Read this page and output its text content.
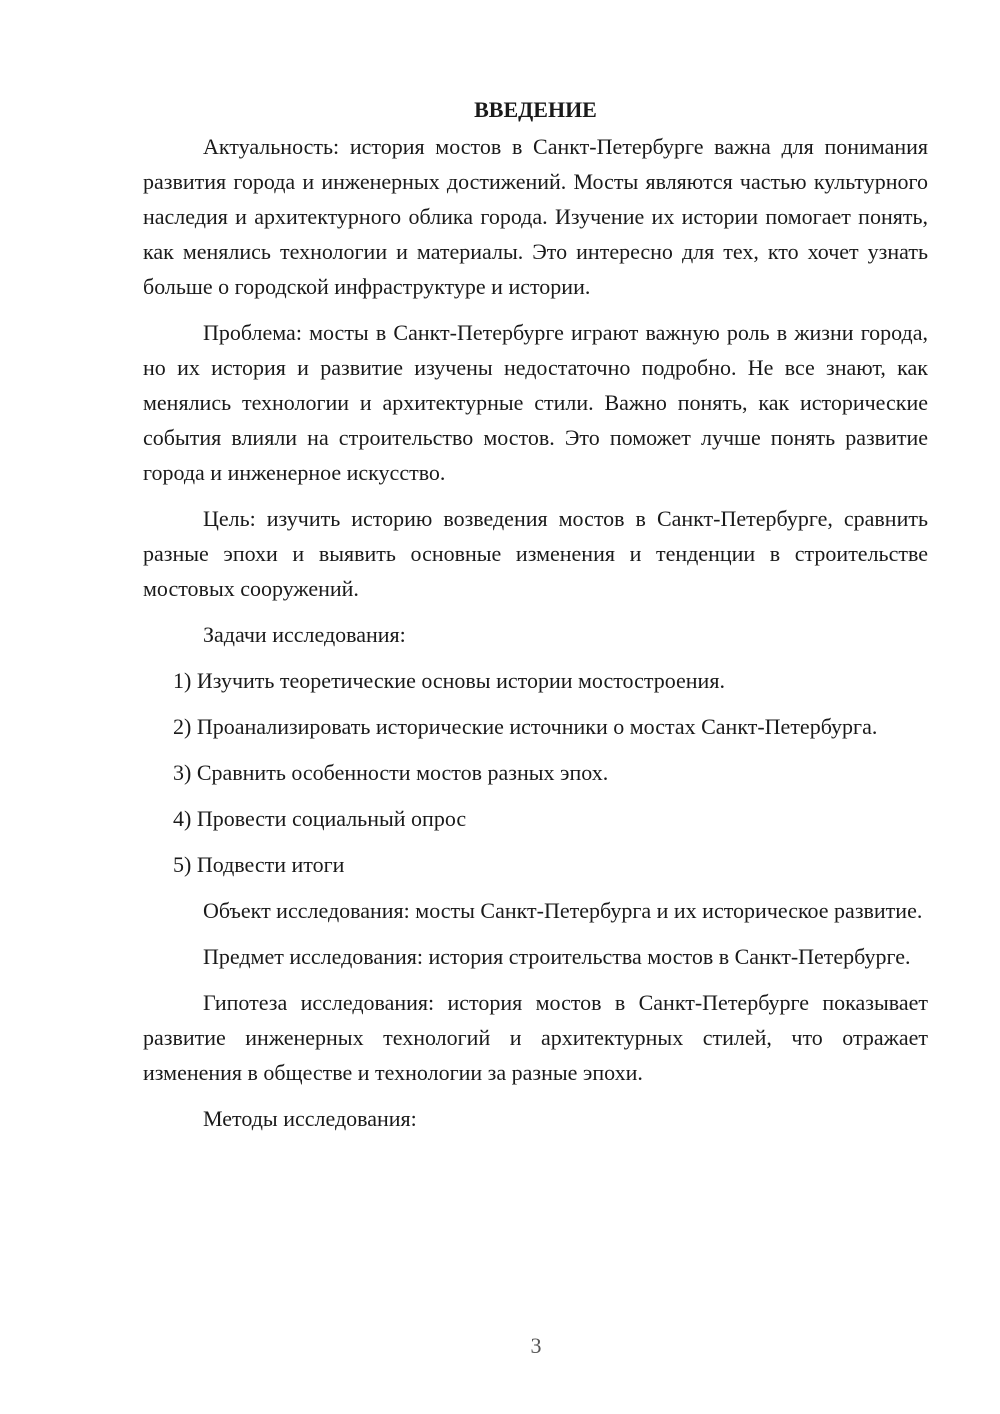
ВВЕДЕНИЕ

Актуальность: история мостов в Санкт-Петербурге важна для понимания развития города и инженерных достижений. Мосты являются частью культурного наследия и архитектурного облика города. Изучение их истории помогает понять, как менялись технологии и материалы. Это интересно для тех, кто хочет узнать больше о городской инфраструктуре и истории.

Проблема: мосты в Санкт-Петербурге играют важную роль в жизни города, но их история и развитие изучены недостаточно подробно. Не все знают, как менялись технологии и архитектурные стили. Важно понять, как исторические события влияли на строительство мостов. Это поможет лучше понять развитие города и инженерное искусство.

Цель: изучить историю возведения мостов в Санкт-Петербурге, сравнить разные эпохи и выявить основные изменения и тенденции в строительстве мостовых сооружений.

Задачи исследования:

1) Изучить теоретические основы истории мостостроения.

2) Проанализировать исторические источники о мостах Санкт-Петербурга.

3) Сравнить особенности мостов разных эпох.

4) Провести социальный опрос

5) Подвести итоги

Объект исследования: мосты Санкт-Петербурга и их историческое развитие.

Предмет исследования: история строительства мостов в Санкт-Петербурге.

Гипотеза исследования: история мостов в Санкт-Петербурге показывает развитие инженерных технологий и архитектурных стилей, что отражает изменения в обществе и технологии за разные эпохи.

Методы исследования:

3
